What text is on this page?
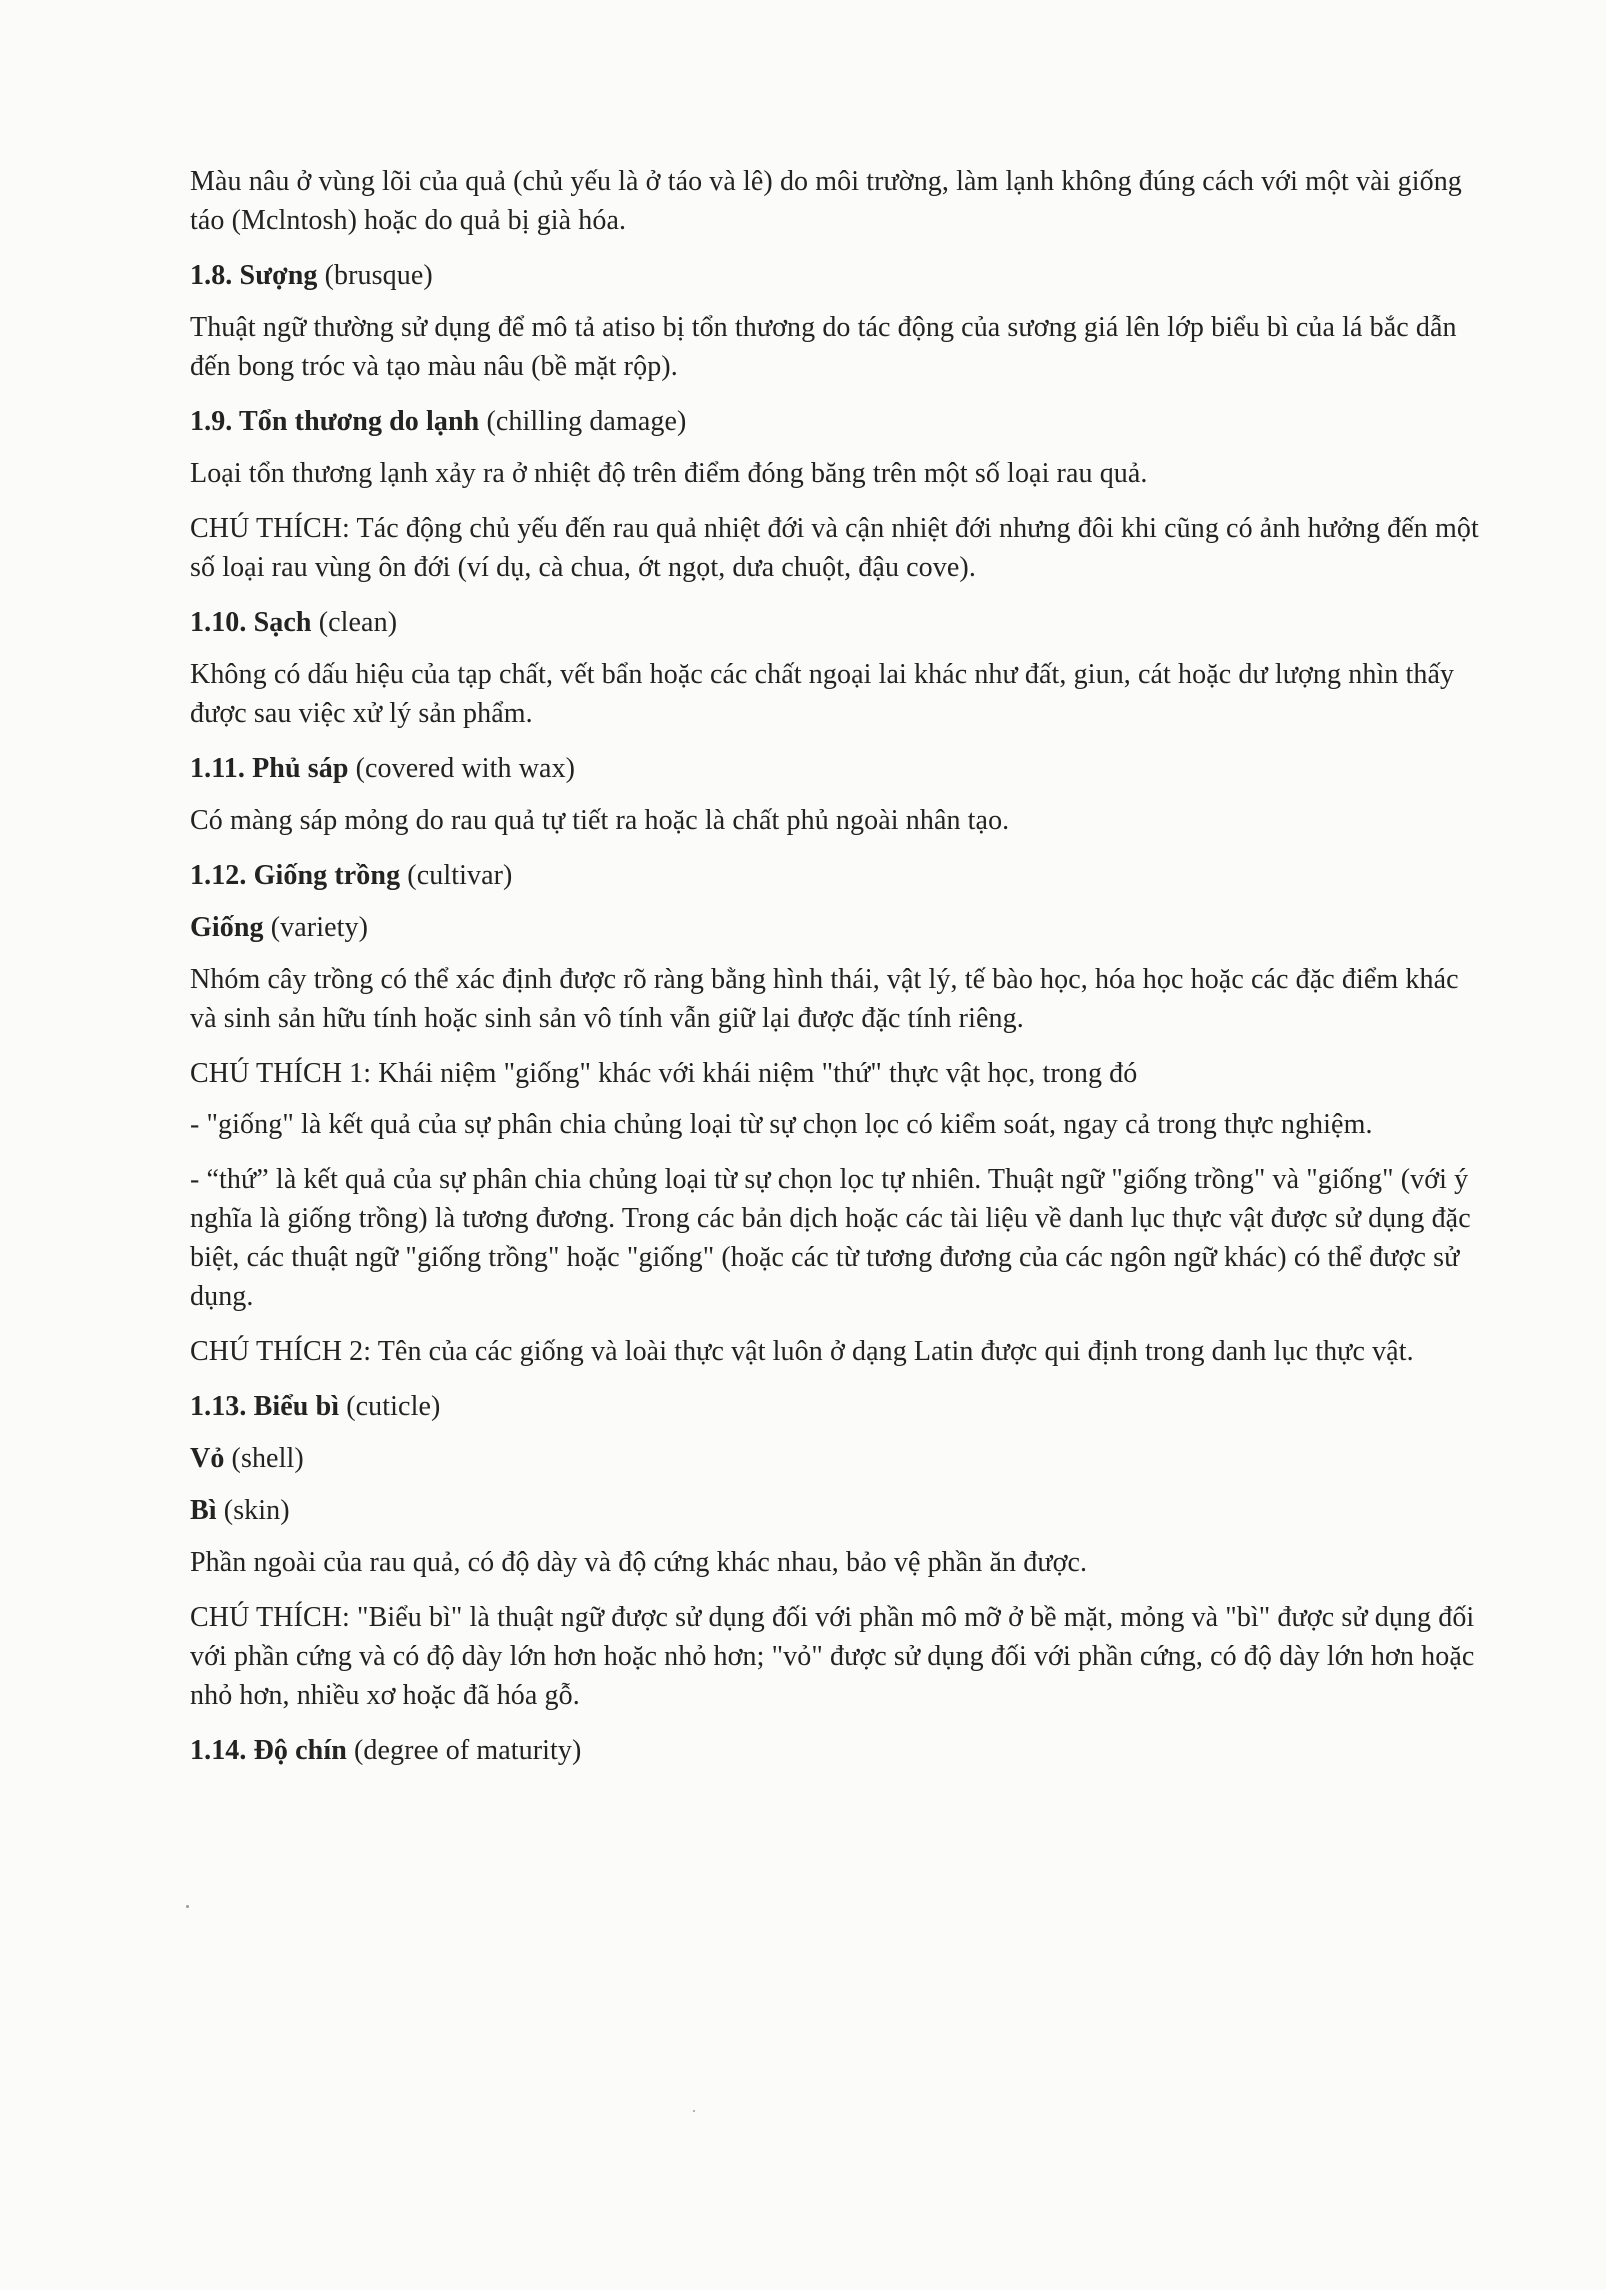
Màu nâu ở vùng lõi của quả (chủ yếu là ở táo và lê) do môi trường, làm lạnh không đúng cách với một vài giống táo (Mclntosh) hoặc do quả bị già hóa.

1.8. Sượng (brusque)

Thuật ngữ thường sử dụng để mô tả atiso bị tổn thương do tác động của sương giá lên lớp biểu bì của lá bắc dẫn đến bong tróc và tạo màu nâu (bề mặt rộp).

1.9. Tổn thương do lạnh (chilling damage)

Loại tổn thương lạnh xảy ra ở nhiệt độ trên điểm đóng băng trên một số loại rau quả.

CHÚ THÍCH: Tác động chủ yếu đến rau quả nhiệt đới và cận nhiệt đới nhưng đôi khi cũng có ảnh hưởng đến một số loại rau vùng ôn đới (ví dụ, cà chua, ớt ngọt, dưa chuột, đậu cove).

1.10. Sạch (clean)

Không có dấu hiệu của tạp chất, vết bẩn hoặc các chất ngoại lai khác như đất, giun, cát hoặc dư lượng nhìn thấy được sau việc xử lý sản phẩm.

1.11. Phủ sáp (covered with wax)

Có màng sáp mỏng do rau quả tự tiết ra hoặc là chất phủ ngoài nhân tạo.

1.12. Giống trồng (cultivar)

Giống (variety)

Nhóm cây trồng có thể xác định được rõ ràng bằng hình thái, vật lý, tế bào học, hóa học hoặc các đặc điểm khác và sinh sản hữu tính hoặc sinh sản vô tính vẫn giữ lại được đặc tính riêng.

CHÚ THÍCH 1: Khái niệm "giống" khác với khái niệm "thứ" thực vật học, trong đó

- "giống" là kết quả của sự phân chia chủng loại từ sự chọn lọc có kiểm soát, ngay cả trong thực nghiệm.

- “thứ” là kết quả của sự phân chia chủng loại từ sự chọn lọc tự nhiên. Thuật ngữ "giống trồng" và "giống" (với ý nghĩa là giống trồng) là tương đương. Trong các bản dịch hoặc các tài liệu về danh lục thực vật được sử dụng đặc biệt, các thuật ngữ "giống trồng" hoặc "giống" (hoặc các từ tương đương của các ngôn ngữ khác) có thể được sử dụng.

CHÚ THÍCH 2: Tên của các giống và loài thực vật luôn ở dạng Latin được qui định trong danh lục thực vật.

1.13. Biểu bì (cuticle)

Vỏ (shell)

Bì (skin)

Phần ngoài của rau quả, có độ dày và độ cứng khác nhau, bảo vệ phần ăn được.

CHÚ THÍCH: "Biểu bì" là thuật ngữ được sử dụng đối với phần mô mỡ ở bề mặt, mỏng và "bì" được sử dụng đối với phần cứng và có độ dày lớn hơn hoặc nhỏ hơn; "vỏ" được sử dụng đối với phần cứng, có độ dày lớn hơn hoặc nhỏ hơn, nhiều xơ hoặc đã hóa gỗ.

1.14. Độ chín (degree of maturity)
